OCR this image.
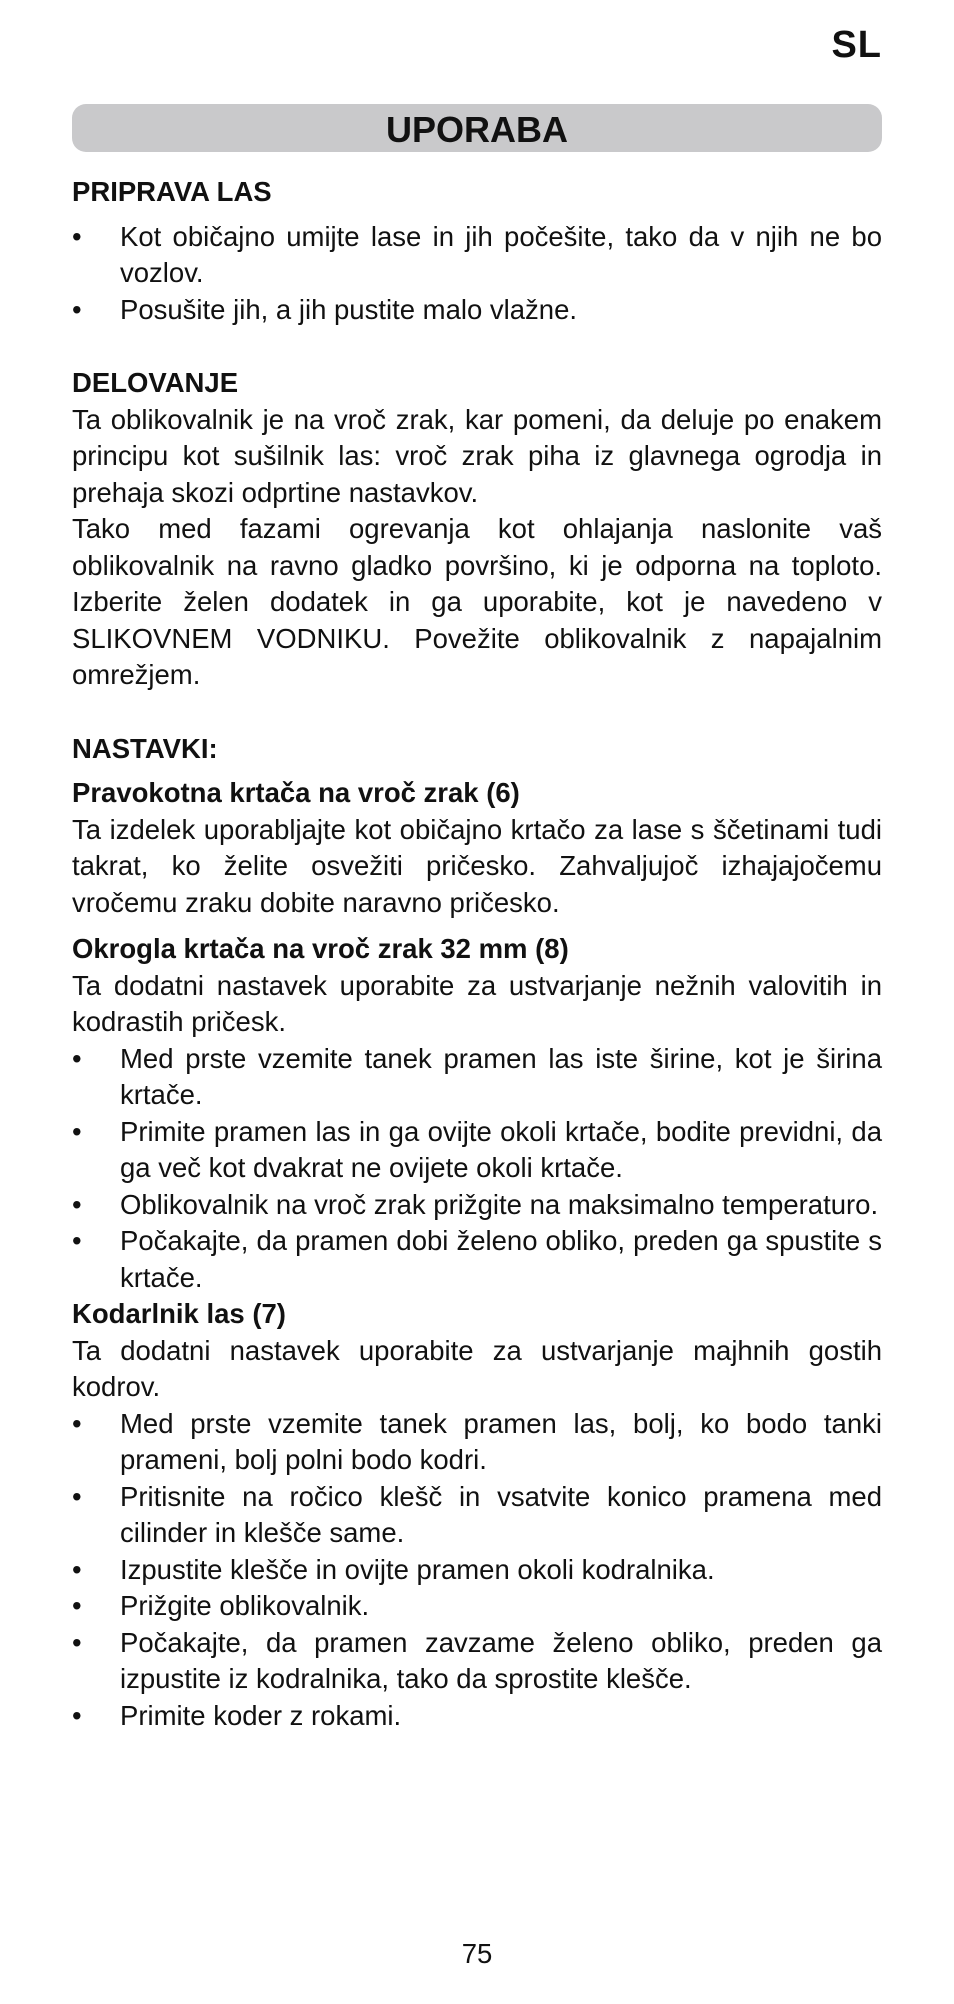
SL
UPORABA
PRIPRAVA LAS
• Kot običajno umijte lase in jih počešite, tako da v njih ne bo vozlov.
• Posušite jih, a jih pustite malo vlažne.
DELOVANJE

Ta oblikovalnik je na vroč zrak, kar pomeni, da deluje po enakem principu kot sušilnik las: vroč zrak piha iz glavnega ogrodja in prehaja skozi odprtine nastavkov.

Tako med fazami ogrevanja kot ohlajanja naslonite vaš oblikovalnik na ravno gladko površino, ki je odporna na toploto. Izberite želen dodatek in ga uporabite, kot je navedeno v SLIKOVNEM VODNIKU. Povežite oblikovalnik z napajalnim omrežjem.

NASTAVKI:
Pravokotna krtača na vroč zrak (6)

Ta izdelek uporabljajte kot običajno krtačo za lase s ščetinami tudi takrat, ko želite osvežiti pričesko. Zahvaljujoč izhajajočemu vročemu zraku dobite naravno pričesko.

Okrogla krtača na vroč zrak 32 mm (8)

Ta dodatni nastavek uporabite za ustvarjanje nežnih valovitih in kodrastih pričesk.

• Med prste vzemite tanek pramen las iste širine, kot je širina krtače.
• Primite pramen las in ga ovijte okoli krtače, bodite previdni, da ga več kot dvakrat ne ovijete okoli krtače.
• Oblikovalnik na vroč zrak prižgite na maksimalno temperaturo.
• Počakajte, da pramen dobi želeno obliko, preden ga spustite s krtače.
Kodarlnik las (7)

Ta dodatni nastavek uporabite za ustvarjanje majhnih gostih kodrov.

• Med prste vzemite tanek pramen las, bolj, ko bodo tanki prameni, bolj polni bodo kodri.
• Pritisnite na ročico klešč in vsatvite konico pramena med cilinder in klešče same.
• Izpustite klešče in ovijte pramen okoli kodralnika.
• Prižgite oblikovalnik.
• Počakajte, da pramen zavzame želeno obliko, preden ga izpustite iz kodralnika, tako da sprostite klešče.
• Primite koder z rokami.
75
